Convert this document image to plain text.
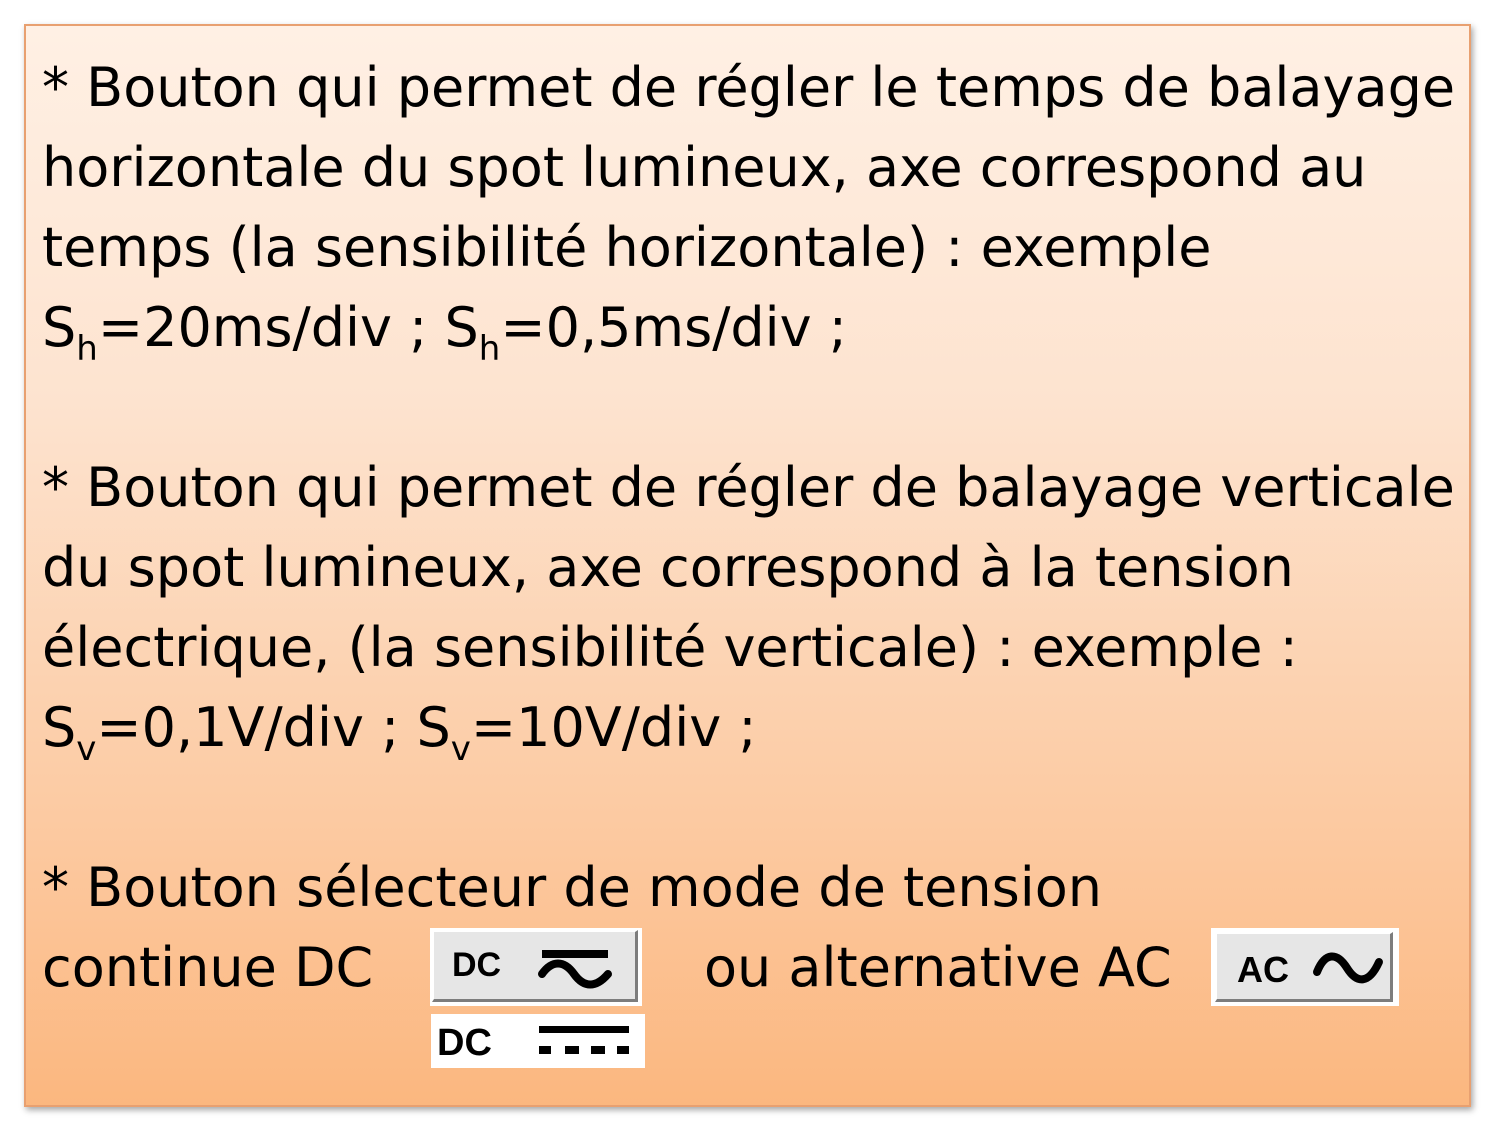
* Bouton qui permet de régler le temps de balayage

horizontale du spot lumineux, axe correspond au

temps (la sensibilité horizontale) : exemple

$S_h=20ms$/div ; $S_h=0,5ms$/div ;

* Bouton qui permet de régler de balayage verticale

du spot lumineux, axe correspond à la tension

électrique, (la sensibilité verticale) : exemple :

$S_v=0,1V$/div ; $S_v=10V$/div ;

* Bouton sélecteur de mode de tension

continue DC	ou alternative AC

DC	AC
DC
